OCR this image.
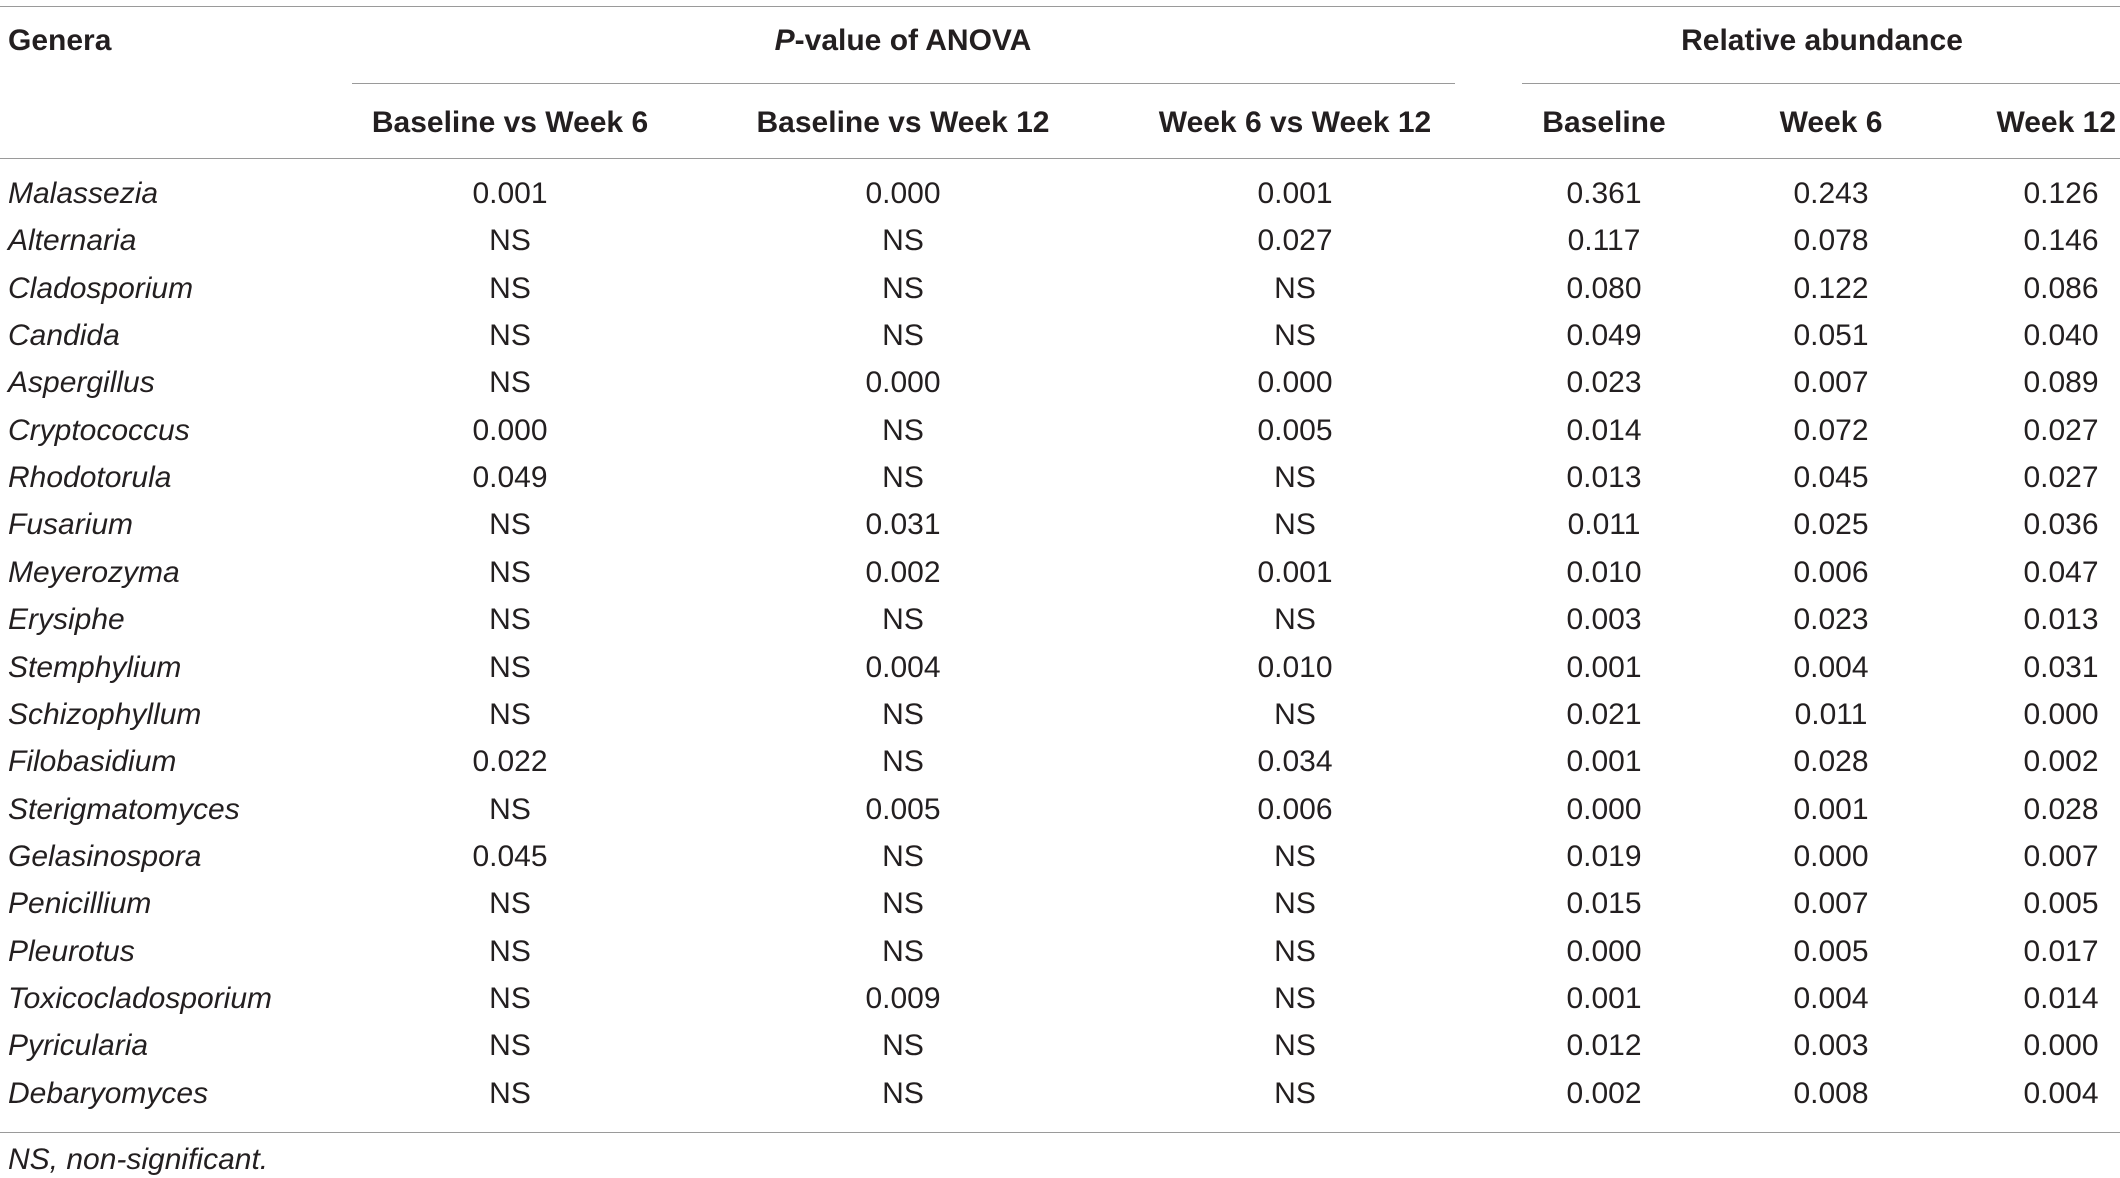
Genera	P-value of ANOVA	Relative abundance
Baseline vs Week 6	Baseline vs Week 12	Week 6 vs Week 12	Baseline	Week 6	Week 12
Malassezia	0.001	0.000	0.001	0.361	0.243	0.126
Alternaria	NS	NS	0.027	0.117	0.078	0.146
Cladosporium	NS	NS	NS	0.080	0.122	0.086
Candida	NS	NS	NS	0.049	0.051	0.040
Aspergillus	NS	0.000	0.000	0.023	0.007	0.089
Cryptococcus	0.000	NS	0.005	0.014	0.072	0.027
Rhodotorula	0.049	NS	NS	0.013	0.045	0.027
Fusarium	NS	0.031	NS	0.011	0.025	0.036
Meyerozyma	NS	0.002	0.001	0.010	0.006	0.047
Erysiphe	NS	NS	NS	0.003	0.023	0.013
Stemphylium	NS	0.004	0.010	0.001	0.004	0.031
Schizophyllum	NS	NS	NS	0.021	0.011	0.000
Filobasidium	0.022	NS	0.034	0.001	0.028	0.002
Sterigmatomyces	NS	0.005	0.006	0.000	0.001	0.028
Gelasinospora	0.045	NS	NS	0.019	0.000	0.007
Penicillium	NS	NS	NS	0.015	0.007	0.005
Pleurotus	NS	NS	NS	0.000	0.005	0.017
Toxicocladosporium	NS	0.009	NS	0.001	0.004	0.014
Pyricularia	NS	NS	NS	0.012	0.003	0.000
Debaryomyces	NS	NS	NS	0.002	0.008	0.004
NS, non-significant.
